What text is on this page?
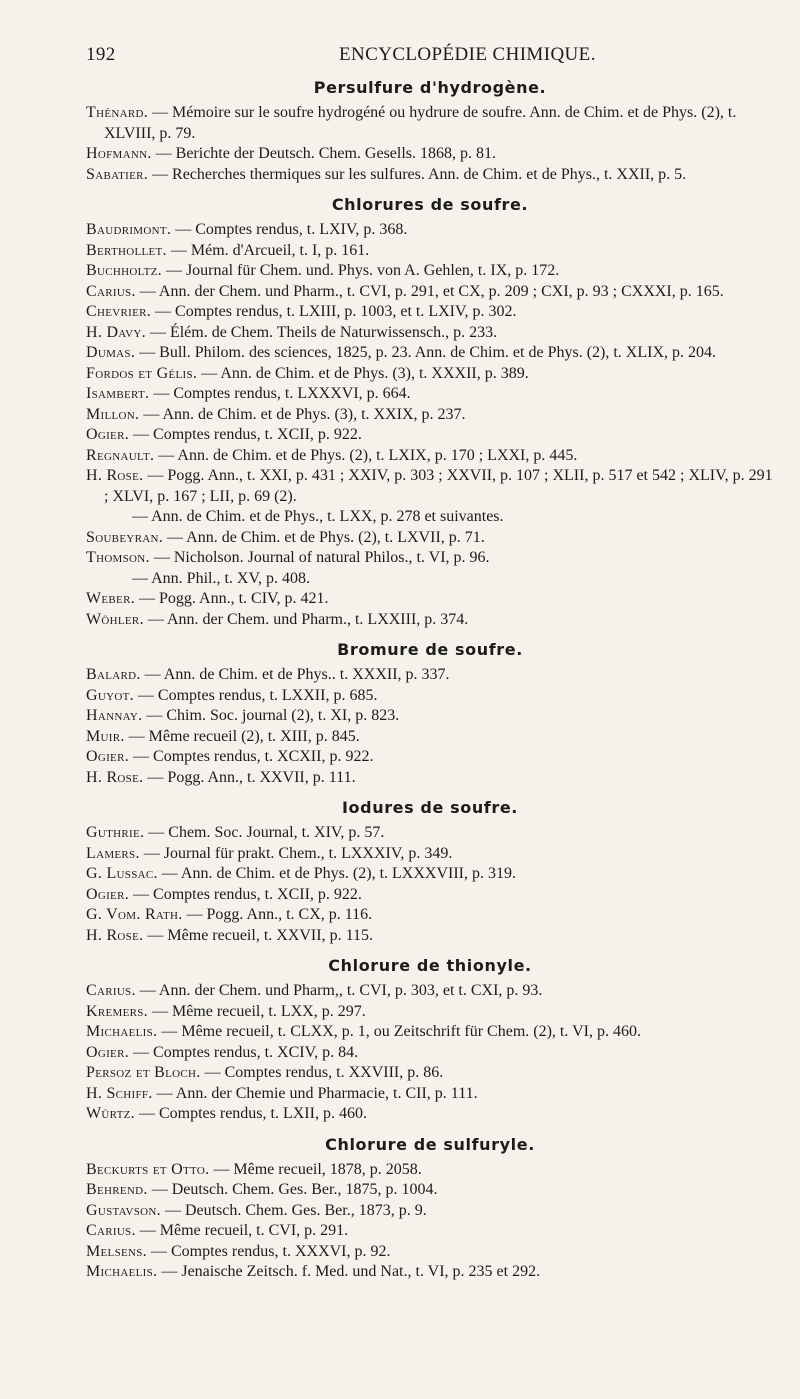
192	ENCYCLOPÉDIE CHIMIQUE.
Persulfure d'hydrogène.

Thénard. — Mémoire sur le soufre hydrogéné ou hydrure de soufre. Ann. de Chim. et de Phys. (2), t. XLVIII, p. 79.

Hofmann. — Berichte der Deutsch. Chem. Gesells. 1868, p. 81.

Sabatier. — Recherches thermiques sur les sulfures. Ann. de Chim. et de Phys., t. XXII, p. 5.

Chlorures de soufre.

Baudrimont. — Comptes rendus, t. LXIV, p. 368.

Berthollet. — Mém. d'Arcueil, t. I, p. 161.

Buchholtz. — Journal für Chem. und. Phys. von A. Gehlen, t. IX, p. 172.

Carius. — Ann. der Chem. und Pharm., t. CVI, p. 291, et CX, p. 209 ; CXI, p. 93 ; CXXXI, p. 165.

Chevrier. — Comptes rendus, t. LXIII, p. 1003, et t. LXIV, p. 302.

H. Davy. — Élém. de Chem. Theils de Naturwissensch., p. 233.

Dumas. — Bull. Philom. des sciences, 1825, p. 23. Ann. de Chim. et de Phys. (2), t. XLIX, p. 204.

Fordos et Gélis. — Ann. de Chim. et de Phys. (3), t. XXXII, p. 389.

Isambert. — Comptes rendus, t. LXXXVI, p. 664.

Millon. — Ann. de Chim. et de Phys. (3), t. XXIX, p. 237.

Ogier. — Comptes rendus, t. XCII, p. 922.

Regnault. — Ann. de Chim. et de Phys. (2), t. LXIX, p. 170 ; LXXI, p. 445.

H. Rose. — Pogg. Ann., t. XXI, p. 431 ; XXIV, p. 303 ; XXVII, p. 107 ; XLII, p. 517 et 542 ; XLIV, p. 291 ; XLVI, p. 167 ; LII, p. 69 (2).

— Ann. de Chim. et de Phys., t. LXX, p. 278 et suivantes.

Soubeyran. — Ann. de Chim. et de Phys. (2), t. LXVII, p. 71.

Thomson. — Nicholson. Journal of natural Philos., t. VI, p. 96.

— Ann. Phil., t. XV, p. 408.

Weber. — Pogg. Ann., t. CIV, p. 421.

Wöhler. — Ann. der Chem. und Pharm., t. LXXIII, p. 374.

Bromure de soufre.

Balard. — Ann. de Chim. et de Phys.. t. XXXII, p. 337.

Guyot. — Comptes rendus, t. LXXII, p. 685.

Hannay. — Chim. Soc. journal (2), t. XI, p. 823.

Muir. — Même recueil (2), t. XIII, p. 845.

Ogier. — Comptes rendus, t. XCXII, p. 922.

H. Rose. — Pogg. Ann., t. XXVII, p. 111.

Iodures de soufre.

Guthrie. — Chem. Soc. Journal, t. XIV, p. 57.

Lamers. — Journal für prakt. Chem., t. LXXXIV, p. 349.

G. Lussac. — Ann. de Chim. et de Phys. (2), t. LXXXVIII, p. 319.

Ogier. — Comptes rendus, t. XCII, p. 922.

G. Vom. Rath. — Pogg. Ann., t. CX, p. 116.

H. Rose. — Même recueil, t. XXVII, p. 115.

Chlorure de thionyle.

Carius. — Ann. der Chem. und Pharm,, t. CVI, p. 303, et t. CXI, p. 93.

Kremers. — Même recueil, t. LXX, p. 297.

Michaelis. — Même recueil, t. CLXX, p. 1, ou Zeitschrift für Chem. (2), t. VI, p. 460.

Ogier. — Comptes rendus, t. XCIV, p. 84.

Persoz et Bloch. — Comptes rendus, t. XXVIII, p. 86.

H. Schiff. — Ann. der Chemie und Pharmacie, t. CII, p. 111.

Würtz. — Comptes rendus, t. LXII, p. 460.

Chlorure de sulfuryle.

Beckurts et Otto. — Même recueil, 1878, p. 2058.

Behrend. — Deutsch. Chem. Ges. Ber., 1875, p. 1004.

Gustavson. — Deutsch. Chem. Ges. Ber., 1873, p. 9.

Carius. — Même recueil, t. CVI, p. 291.

Melsens. — Comptes rendus, t. XXXVI, p. 92.

Michaelis. — Jenaische Zeitsch. f. Med. und Nat., t. VI, p. 235 et 292.
